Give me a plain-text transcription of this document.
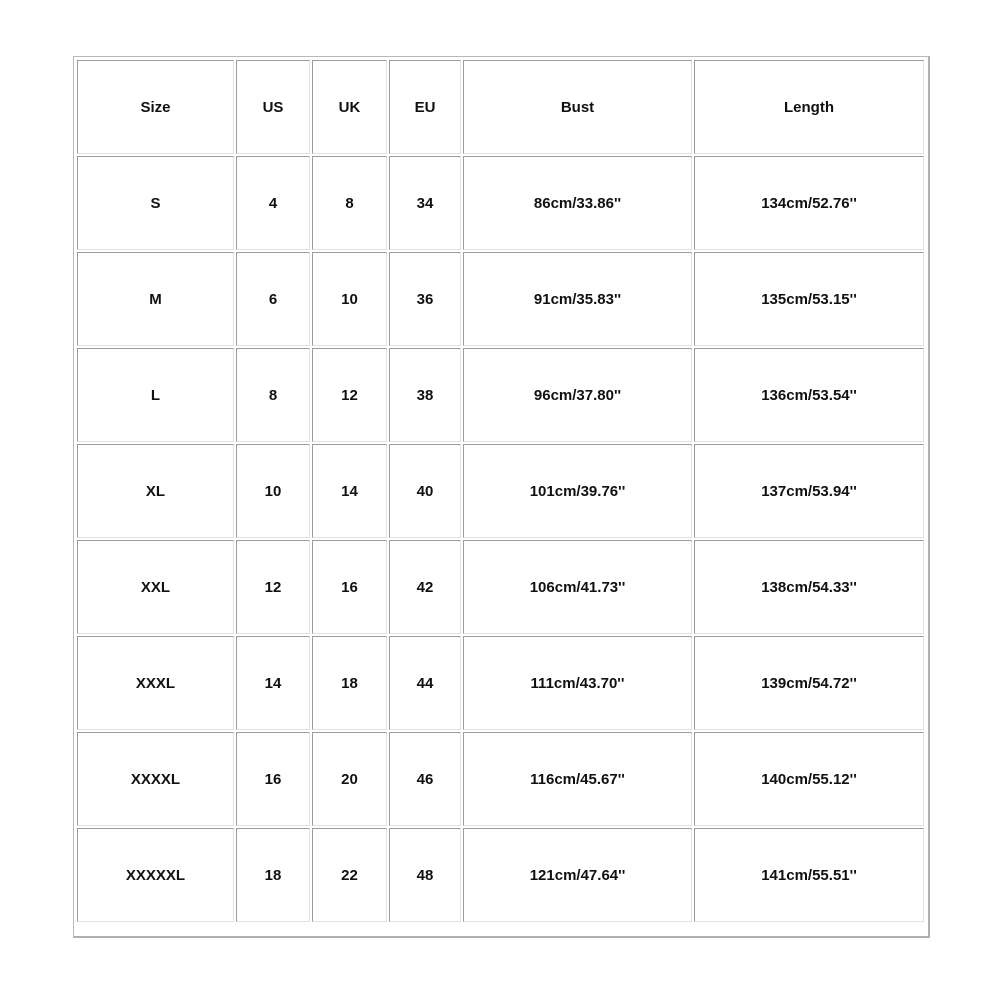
Size	US	UK	EU	Bust	Length
S	4	8	34	86cm/33.86''	134cm/52.76''
M	6	10	36	91cm/35.83''	135cm/53.15''
L	8	12	38	96cm/37.80''	136cm/53.54''
XL	10	14	40	101cm/39.76''	137cm/53.94''
XXL	12	16	42	106cm/41.73''	138cm/54.33''
XXXL	14	18	44	111cm/43.70''	139cm/54.72''
XXXXL	16	20	46	116cm/45.67''	140cm/55.12''
XXXXXL	18	22	48	121cm/47.64''	141cm/55.51''
